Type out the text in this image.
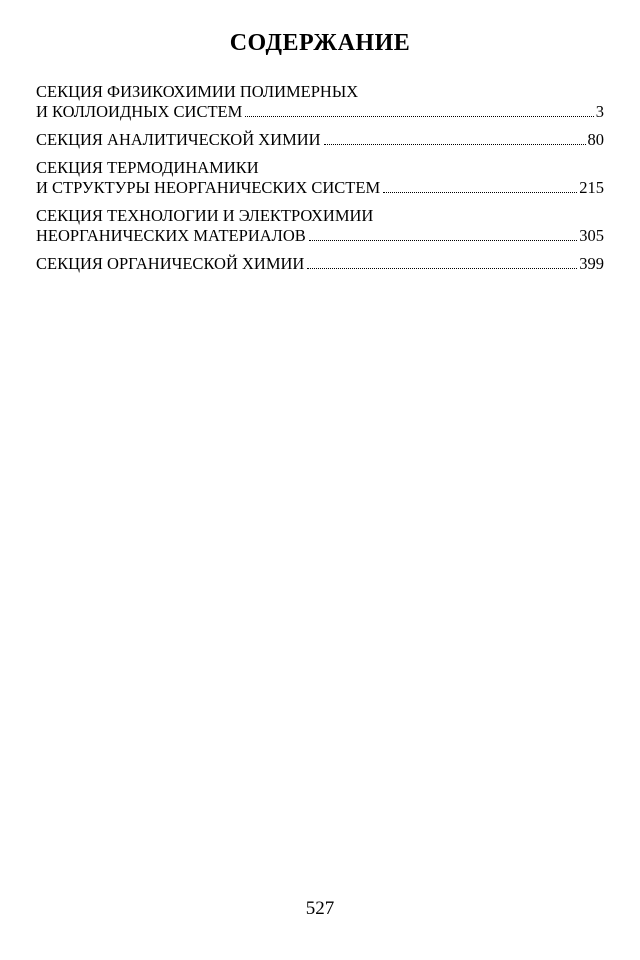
СОДЕРЖАНИЕ
СЕКЦИЯ ФИЗИКОХИМИИ ПОЛИМЕРНЫХ
И КОЛЛОИДНЫХ СИСТЕМ	3
СЕКЦИЯ АНАЛИТИЧЕСКОЙ ХИМИИ	80
СЕКЦИЯ ТЕРМОДИНАМИКИ
И СТРУКТУРЫ НЕОРГАНИЧЕСКИХ СИСТЕМ	215
СЕКЦИЯ ТЕХНОЛОГИИ И ЭЛЕКТРОХИМИИ
НЕОРГАНИЧЕСКИХ МАТЕРИАЛОВ	305
СЕКЦИЯ ОРГАНИЧЕСКОЙ ХИМИИ	399
527
